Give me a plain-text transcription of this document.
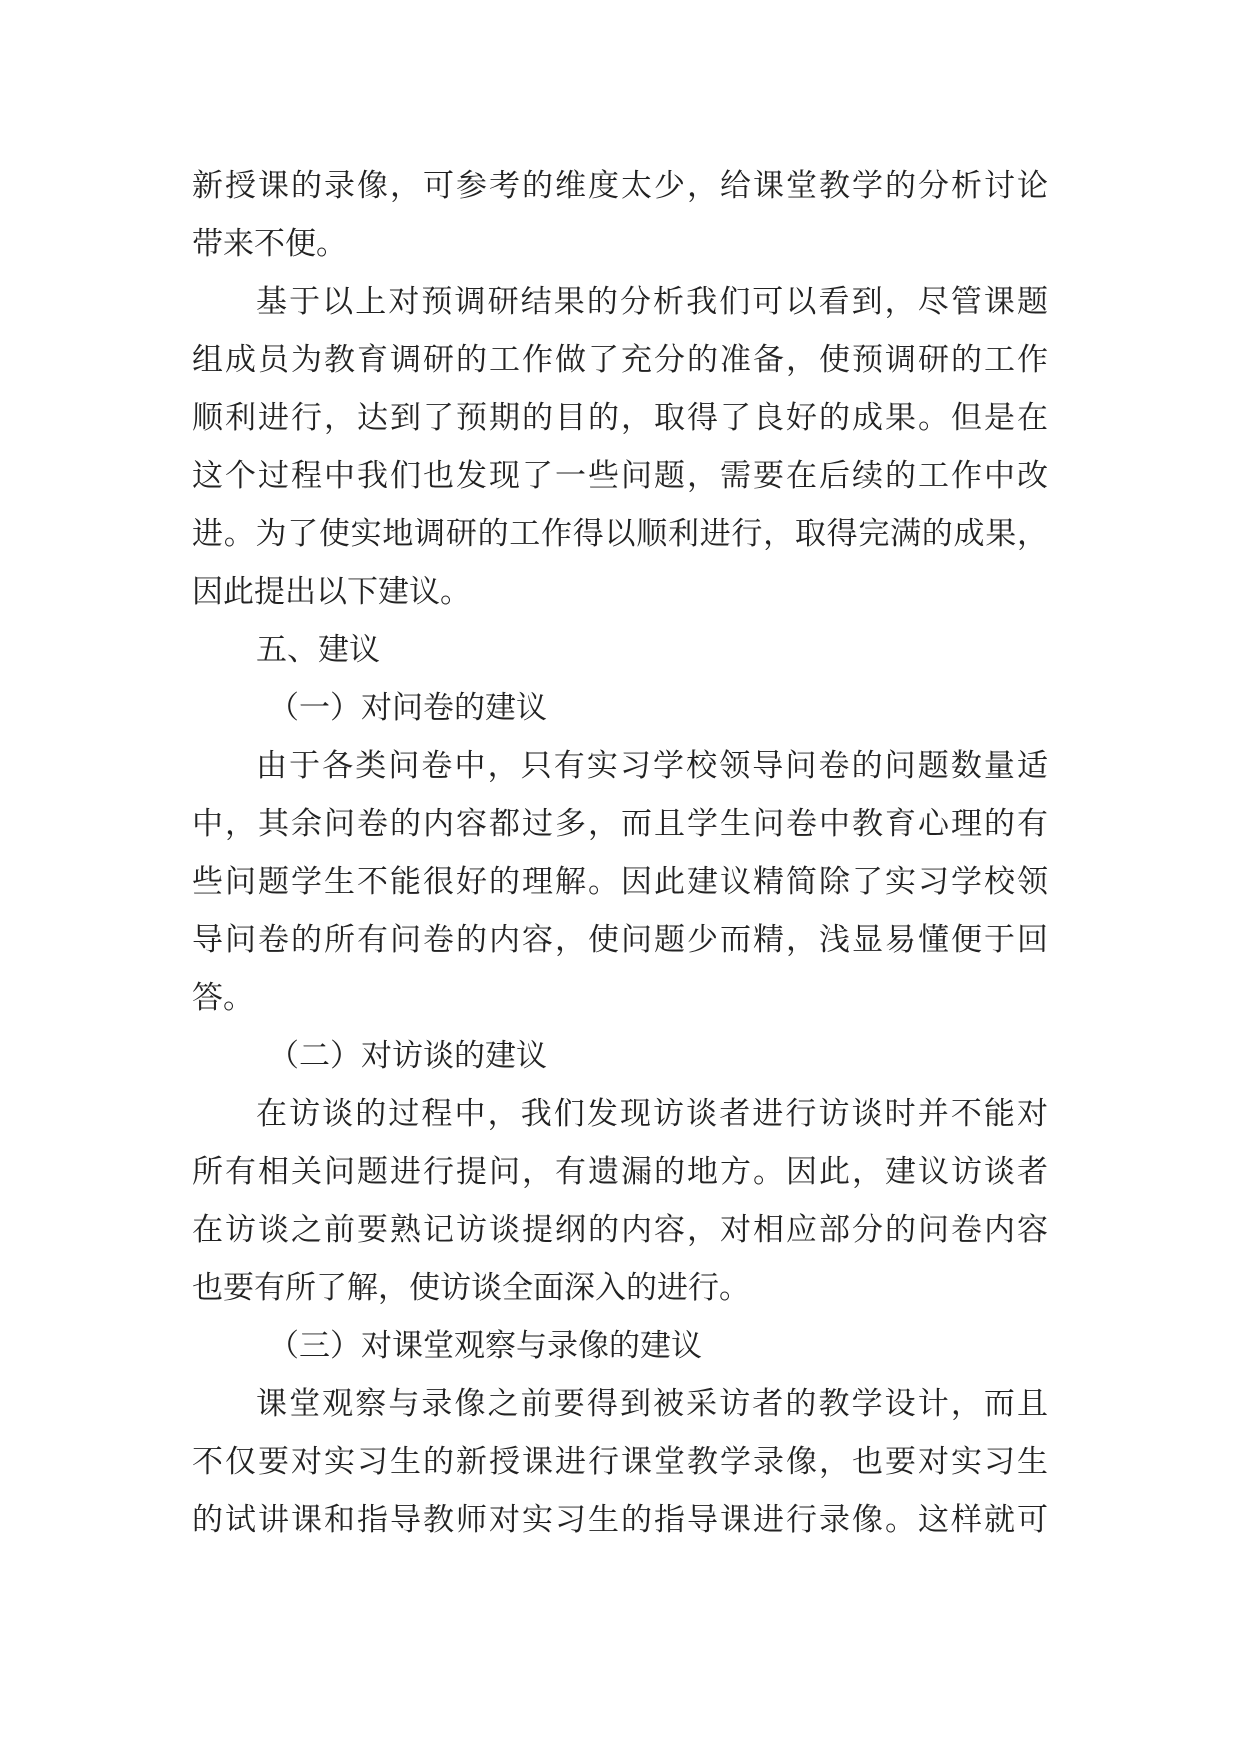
新授课的录像，可参考的维度太少，给课堂教学的分析讨论
带来不便。
基于以上对预调研结果的分析我们可以看到，尽管课题
组成员为教育调研的工作做了充分的准备，使预调研的工作
顺利进行，达到了预期的目的，取得了良好的成果。但是在
这个过程中我们也发现了一些问题，需要在后续的工作中改
进。为了使实地调研的工作得以顺利进行，取得完满的成果，
因此提出以下建议。
五、建议
（一）对问卷的建议
由于各类问卷中，只有实习学校领导问卷的问题数量适
中，其余问卷的内容都过多，而且学生问卷中教育心理的有
些问题学生不能很好的理解。因此建议精简除了实习学校领
导问卷的所有问卷的内容，使问题少而精，浅显易懂便于回
答。
（二）对访谈的建议
在访谈的过程中，我们发现访谈者进行访谈时并不能对
所有相关问题进行提问，有遗漏的地方。因此，建议访谈者
在访谈之前要熟记访谈提纲的内容，对相应部分的问卷内容
也要有所了解，使访谈全面深入的进行。
（三）对课堂观察与录像的建议
课堂观察与录像之前要得到被采访者的教学设计，而且
不仅要对实习生的新授课进行课堂教学录像，也要对实习生
的试讲课和指导教师对实习生的指导课进行录像。这样就可
